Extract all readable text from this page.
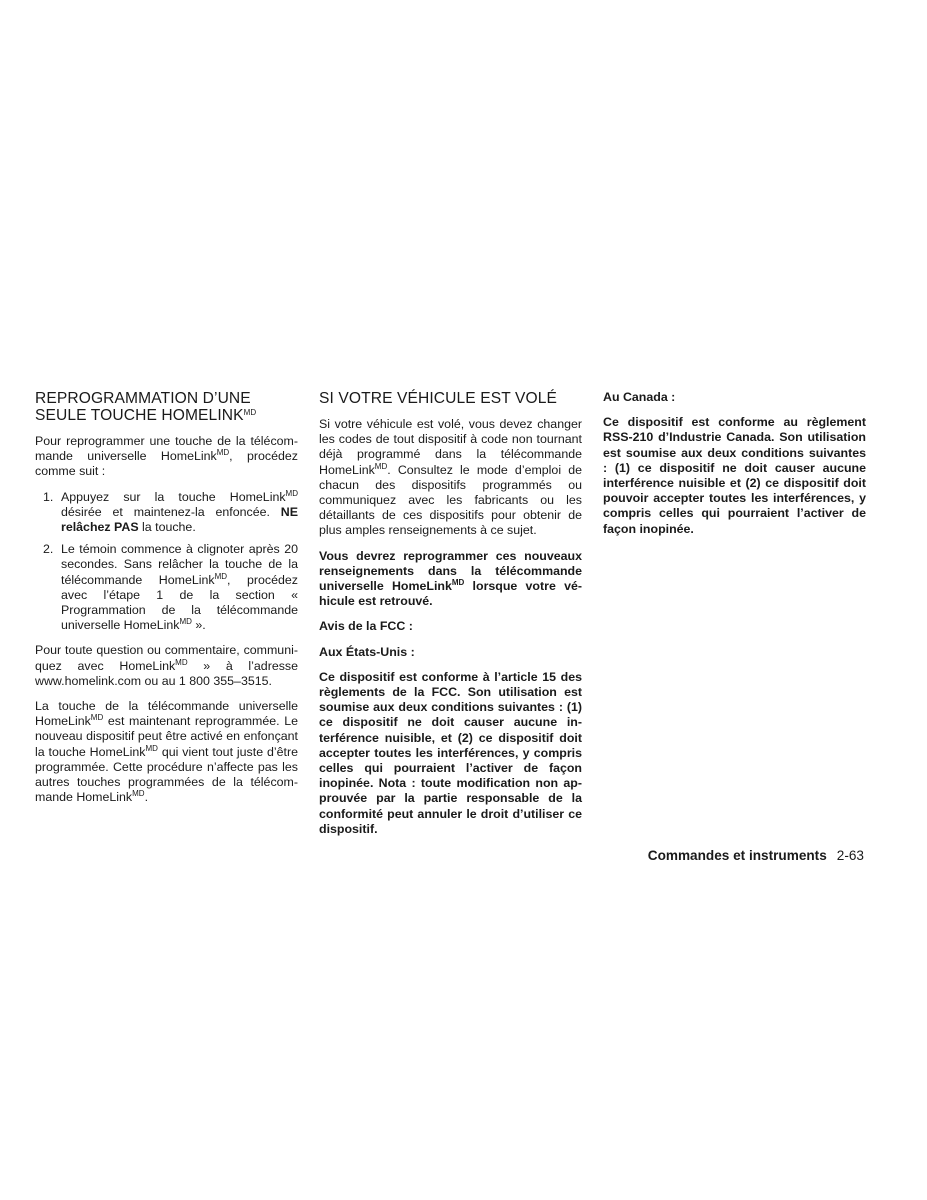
REPROGRAMMATION D’UNE
SEULE TOUCHE $HOMELINK^{MD}$

Pour reprogrammer une touche de la télécommande universelle HomeLink$^{MD}$, procédez comme suit :

1. Appuyez sur la touche HomeLink$^{MD}$ désirée et maintenez-la enfoncée. NE relâchez PAS la touche.
2. Le témoin commence à clignoter après 20 secondes. Sans relâcher la touche de la télécommande HomeLink$^{MD}$, procédez avec l’étape 1 de la section « Programmation de la télécommande universelle HomeLink$^{MD}$ ».

Pour toute question ou commentaire, communiquez avec HomeLink$^{MD}$ » à l’adresse www.homelink.com ou au 1 800 355–3515.

La touche de la télécommande universelle HomeLink$^{MD}$ est maintenant reprogrammée. Le nouveau dispositif peut être activé en enfonçant la touche HomeLink$^{MD}$ qui vient tout juste d’être programmée. Cette procédure n’affecte pas les autres touches programmées de la télécommande HomeLink$^{MD}$.

SI VOTRE VÉHICULE EST VOLÉ

Si votre véhicule est volé, vous devez changer les codes de tout dispositif à code non tournant déjà programmé dans la télécommande HomeLink$^{MD}$. Consultez le mode d’emploi de chacun des dispositifs programmés ou communiquez avec les fabricants ou les détaillants de ces dispositifs pour obtenir de plus amples renseignements à ce sujet.

Vous devrez reprogrammer ces nouveaux renseignements dans la télécommande universelle HomeLink$^{MD}$ lorsque votre véhicule est retrouvé.

Avis de la FCC :

Aux États-Unis :

Ce dispositif est conforme à l’article 15 des règlements de la FCC. Son utilisation est soumise aux deux conditions suivantes : (1) ce dispositif ne doit causer aucune interférence nuisible, et (2) ce dispositif doit accepter toutes les interférences, y compris celles qui pourraient l’activer de façon inopinée. Nota : toute modification non approuvée par la partie responsable de la conformité peut annuler le droit d’utiliser ce dispositif.

Au Canada :

Ce dispositif est conforme au règlement RSS-210 d’Industrie Canada. Son utilisation est soumise aux deux conditions suivantes : (1) ce dispositif ne doit causer aucune interférence nuisible et (2) ce dispositif doit pouvoir accepter toutes les interférences, y compris celles qui pourraient l’activer de façon inopinée.

Commandes et instruments 2-63
